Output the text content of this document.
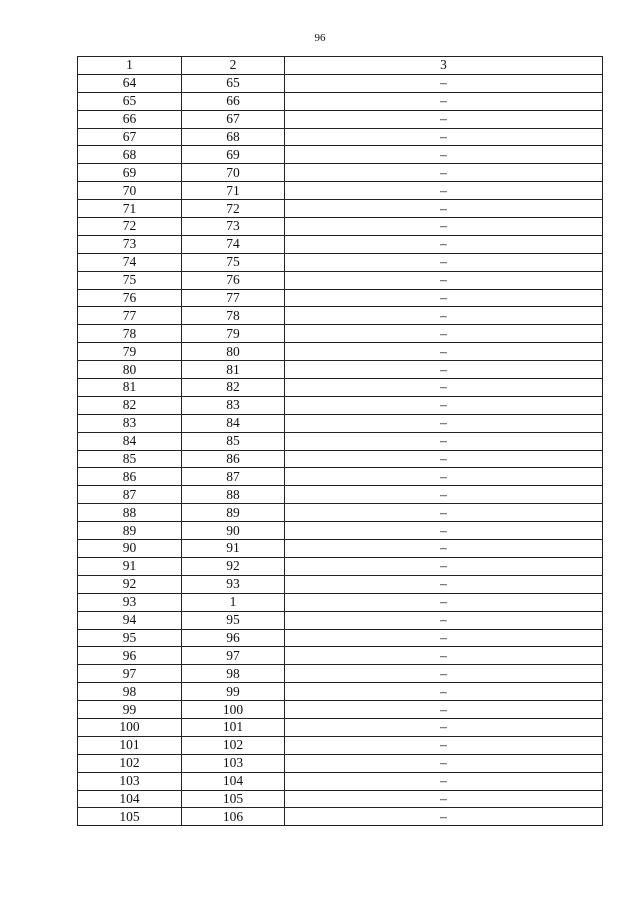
96
1	2	3
64	65	–
65	66	–
66	67	–
67	68	–
68	69	–
69	70	–
70	71	–
71	72	–
72	73	–
73	74	–
74	75	–
75	76	–
76	77	–
77	78	–
78	79	–
79	80	–
80	81	–
81	82	–
82	83	–
83	84	–
84	85	–
85	86	–
86	87	–
87	88	–
88	89	–
89	90	–
90	91	–
91	92	–
92	93	–
93	1	–
94	95	–
95	96	–
96	97	–
97	98	–
98	99	–
99	100	–
100	101	–
101	102	–
102	103	–
103	104	–
104	105	–
105	106	–
